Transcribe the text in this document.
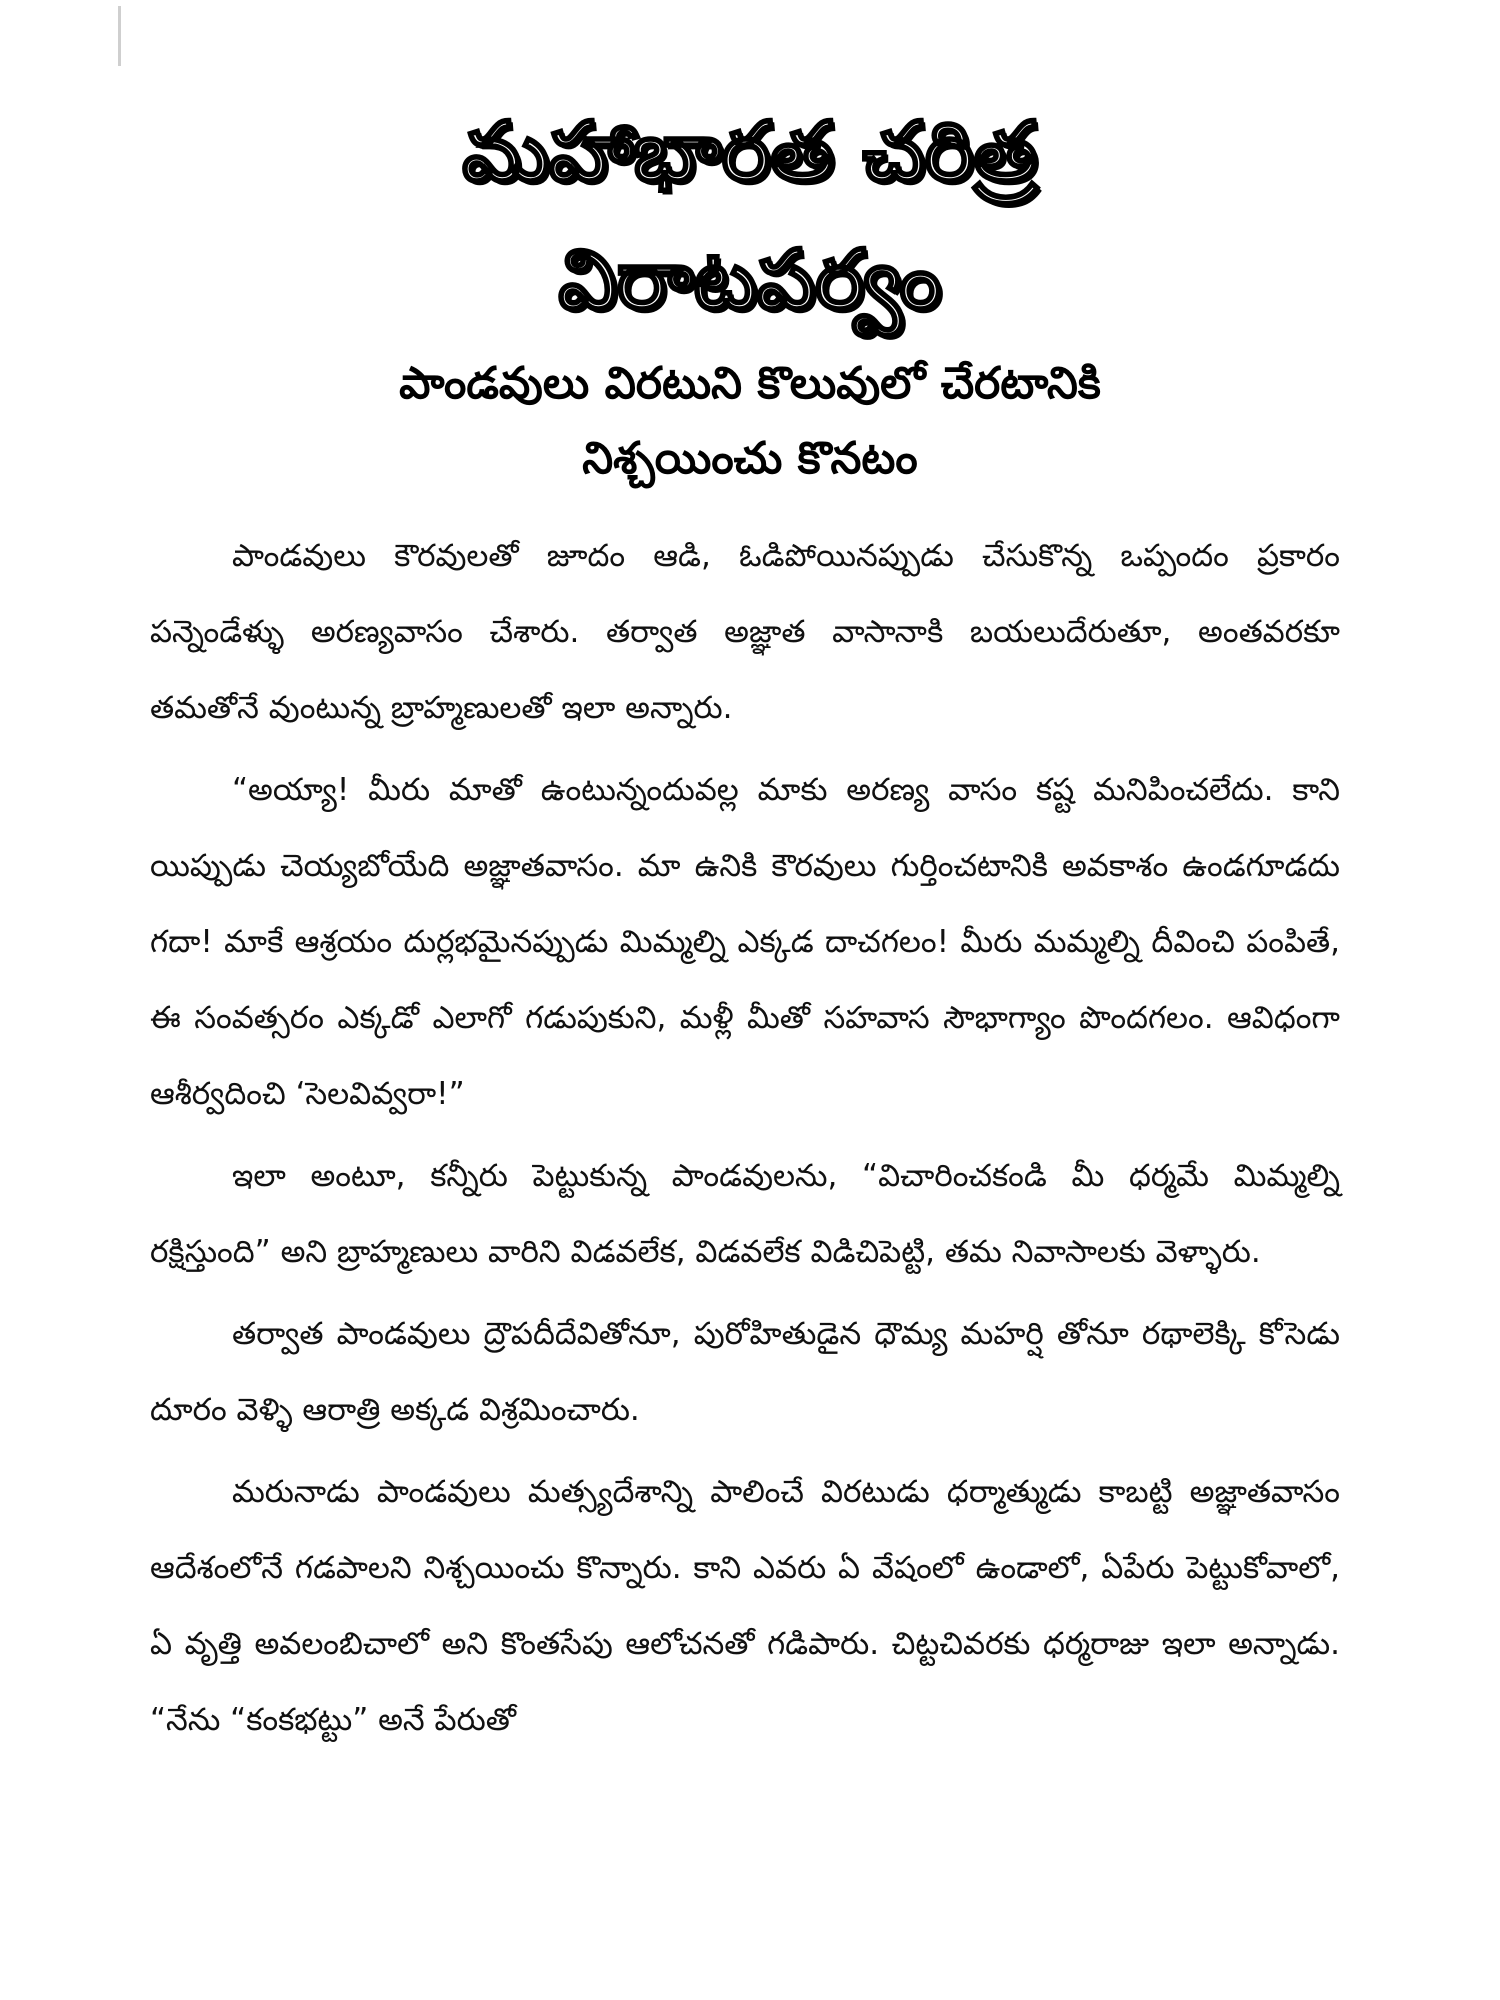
మహాభారత చరిత్ర
విరాటపర్వం
పాండవులు విరటుని కొలువులో చేరటానికి
నిశ్చయించు కొనటం

పాండవులు కౌరవులతో జూదం ఆడి, ఓడిపోయినప్పుడు చేసుకొన్న ఒప్పందం ప్రకారం పన్నెండేళ్ళు అరణ్యవాసం చేశారు. తర్వాత అజ్ఞాత వాసానాకి బయలుదేరుతూ, అంతవరకూ తమతోనే వుంటున్న బ్రాహ్మణులతో ఇలా అన్నారు.

“అయ్యా! మీరు మాతో ఉంటున్నందువల్ల మాకు అరణ్య వాసం కష్ట మనిపించలేదు. కాని యిప్పుడు చెయ్యబోయేది అజ్ఞాతవాసం. మా ఉనికి కౌరవులు గుర్తించటానికి అవకాశం ఉండగూడదు గదా! మాకే ఆశ్రయం దుర్లభమైనప్పుడు మిమ్మల్ని ఎక్కడ దాచగలం! మీరు మమ్మల్ని దీవించి పంపితే, ఈ సంవత్సరం ఎక్కడో ఎలాగో గడుపుకుని, మళ్లీ మీతో సహవాస సౌభాగ్యాం పొందగలం. ఆవిధంగా ఆశీర్వదించి ‘సెలవివ్వరా!”

ఇలా అంటూ, కన్నీరు పెట్టుకున్న పాండవులను, “విచారించకండి మీ ధర్మమే మిమ్మల్ని రక్షిస్తుంది” అని బ్రాహ్మణులు వారిని విడవలేక, విడవలేక విడిచిపెట్టి, తమ నివాసాలకు వెళ్ళారు.

తర్వాత పాండవులు ద్రౌపదీదేవితోనూ, పురోహితుడైన ధౌమ్య మహర్షి తోనూ రథాలెక్కి కోసెడు దూరం వెళ్ళి ఆరాత్రి అక్కడ విశ్రమించారు.

మరునాడు పాండవులు మత్స్యదేశాన్ని పాలించే విరటుడు ధర్మాత్ముడు కాబట్టి అజ్ఞాతవాసం ఆదేశంలోనే గడపాలని నిశ్చయించు కొన్నారు. కాని ఎవరు ఏ వేషంలో ఉండాలో, ఏపేరు పెట్టుకోవాలో, ఏ వృత్తి అవలంబిచాలో అని కొంతసేపు ఆలోచనతో గడిపారు. చిట్టచివరకు ధర్మరాజు ఇలా అన్నాడు. “నేను “కంకభట్టు” అనే పేరుతో
